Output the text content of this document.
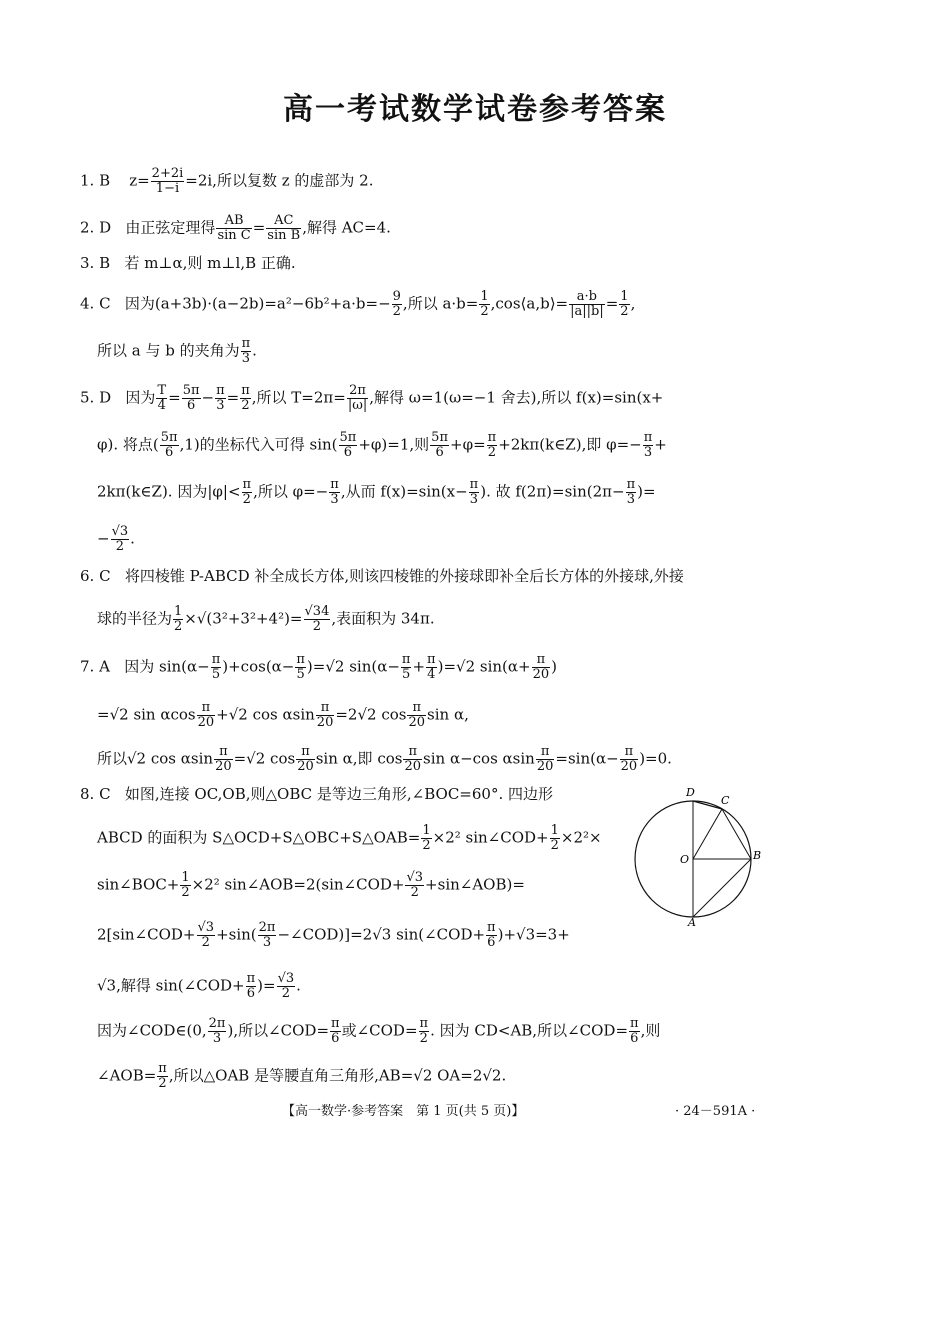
高一考试数学试卷参考答案
1. B $z= \frac{2+2i}{1-i} =2i$,所以复数 z 的虚部为 2.
2. D 由正弦定理得 $\frac{AB}{\text{sin C}} = \frac{AC}{\text{sin B}}$ ,解得 AC=4.
3. B 若 m⊥α,则 m⊥l,B 正确.
4. C 因为$(a+3b)\cdot(a-2b)=a^2-6b^2+a\cdot b=- \frac{9}{2}$ ,所以 $a\cdot b= \frac{1}{2}$ ,cos⟨a,b⟩= $\frac{a\cdot b}{|a||b|} = \frac{1}{2}$ ,
所以 a 与 b 的夹角为 $\frac{\pi}{3}$ .
5. D 因为 $\frac{T}{4} = \frac{5\pi}{6} - \frac{\pi}{3} = \frac{\pi}{2}$ ,所以 $T=2\pi= \frac{2\pi}{|\omega|}$ ,解得 ω=1(ω=−1 舍去),所以 f(x)=sin(x+
φ). 将点( $\frac{5\pi}{6} ,1$)的坐标代入可得 $\sin( \frac{5\pi}{6} +\varphi)=1$,则 $\frac{5\pi}{6} +\varphi= \frac{\pi}{2}$ +2kπ(k∈Z),即 $\varphi=- \frac{\pi}{3}$ +
2kπ(k∈Z). 因为$|\varphi|< \frac{\pi}{2}$ ,所以 $\varphi=- \frac{\pi}{3}$ ,从而 $f(x)=\sin(x- \frac{\pi}{3}$ ). 故 $f(2\pi)=\sin(2\pi- \frac{\pi}{3}$ )=
− $\frac{√3}{2}$ .
6. C 将四棱锥 P-ABCD 补全成长方体,则该四棱锥的外接球即补全后长方体的外接球,外接
球的半径为 $\frac{1}{2} \times√(3^2+3^2+4^2)= \frac{√34}{2}$ ,表面积为 34π.
7. A 因为 $\sin(\alpha- \frac{\pi}{5} )+\cos(\alpha- \frac{\pi}{5} )=√2$ $\sin(\alpha- \frac{\pi}{5} + \frac{\pi}{4} )=√2$ $\sin(\alpha+ \frac{\pi}{20}$ )
=√2 sin αcos $\frac{\pi}{20} +√2$ cos αsin $\frac{\pi}{20} =2√2$ $\cos \frac{\pi}{20}$ sin α,
所以√2 cos αsin $\frac{\pi}{20} =√2$ $\cos \frac{\pi}{20}$ sin α,即 $\cos \frac{\pi}{20}$ sin α−cos αsin $\frac{\pi}{20} =\sin(\alpha- \frac{\pi}{20} )=0$.
8. C 如图,连接 OC,OB,则△OBC 是等边三角形,∠BOC=60°. 四边形
ABCD 的面积为 S△OCD+S△OBC+S△OAB= $\frac{1}{2} \times 2^2$ sin∠COD+ $\frac{1}{2} \times 2^2\times$
sin∠BOC+ $\frac{1}{2} \times 2^2$ sin∠AOB=2(sin∠COD+ $\frac{√3}{2}$ +sin∠AOB)=
2[sin∠COD+ $\frac{√3}{2} +\sin( \frac{2\pi}{3}$ −∠COD)]=2√3 sin(∠COD+ $\frac{\pi}{6} )+√3=3+$
√3,解得 sin(∠COD+ $\frac{\pi}{6}$ )= $\frac{√3}{2}$ .
因为∠COD∈(0, $\frac{2\pi}{3}$ ),所以∠COD= $\frac{\pi}{6}$ 或∠COD= $\frac{\pi}{2}$ . 因为 CD<AB,所以∠COD= $\frac{\pi}{6}$ ,则
∠AOB= $\frac{\pi}{2}$ ,所以△OAB 是等腰直角三角形,AB=√2 OA=2√2.
D
C
O	B
A
【高一数学·参考答案　第 1 页(共 5 页)】	· 24－591A ·
